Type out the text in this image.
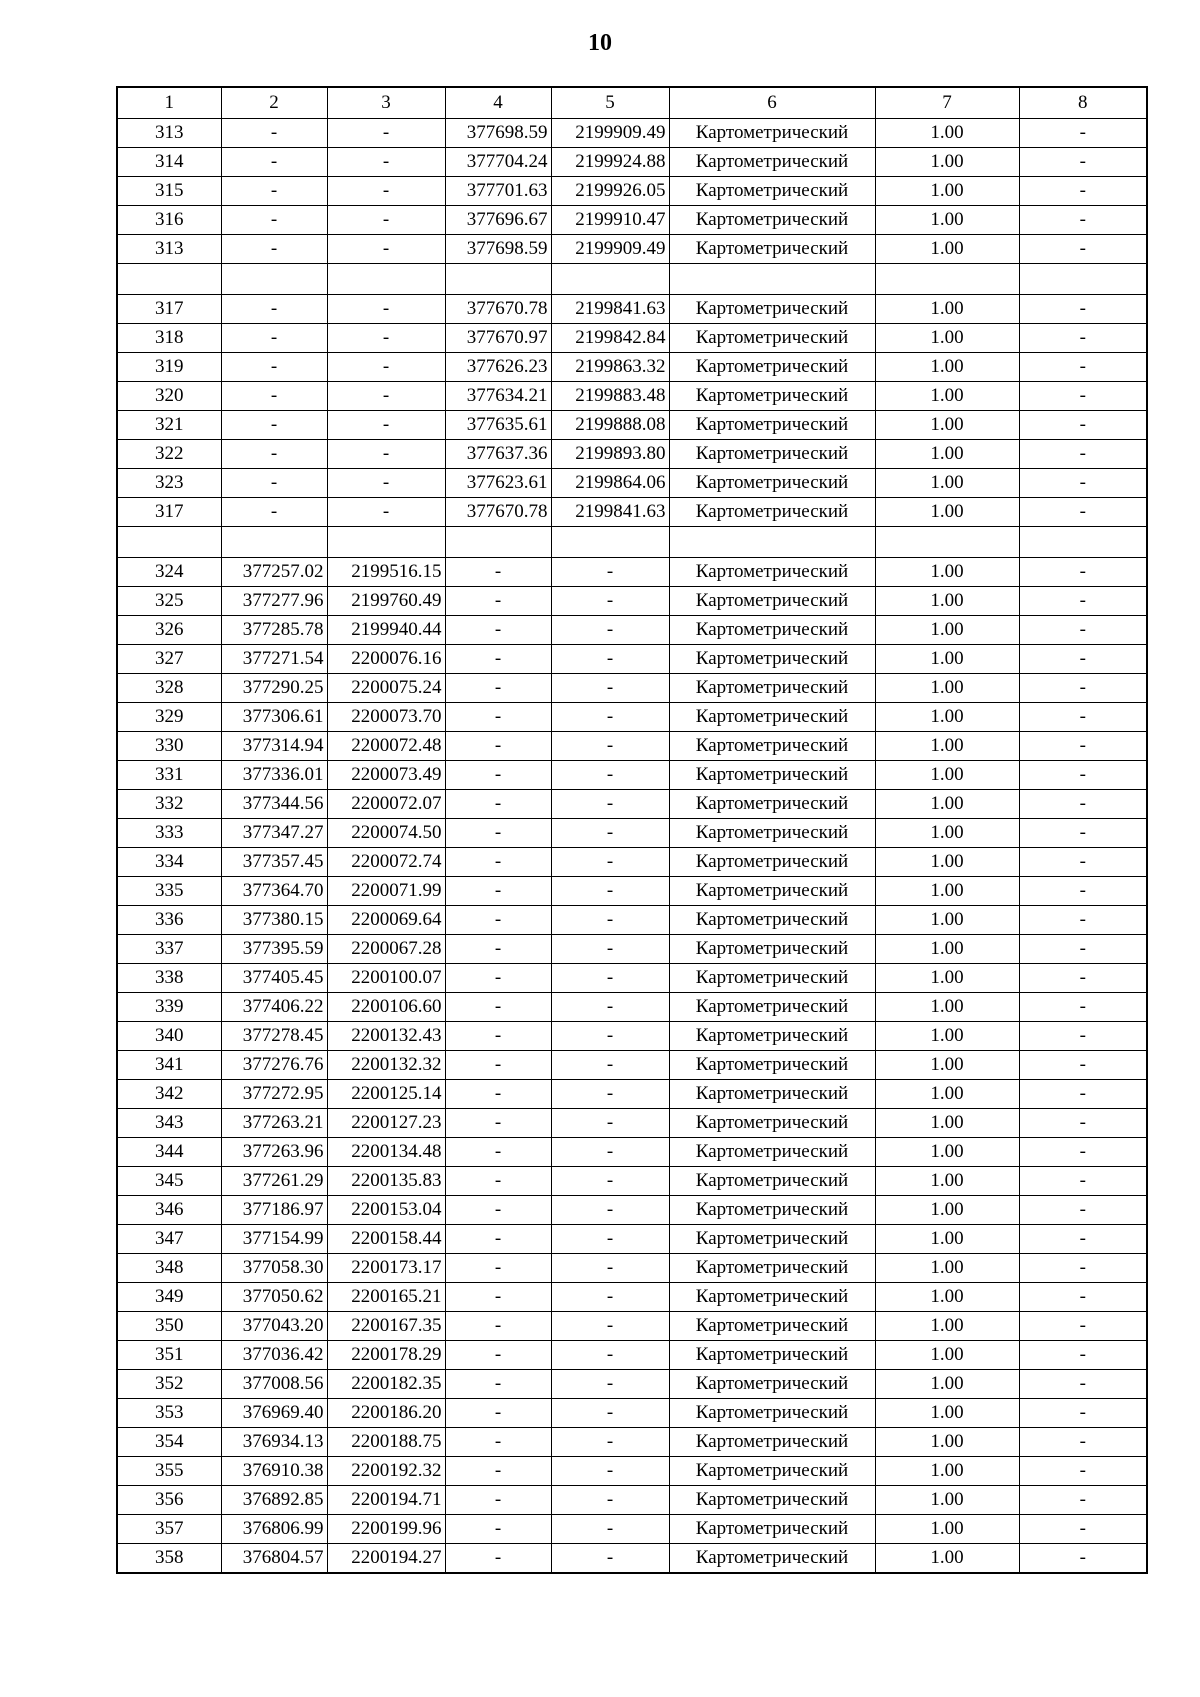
10
1	2	3	4	5	6	7	8
313	-	-	377698.59	2199909.49	Картометрический	1.00	-
314	-	-	377704.24	2199924.88	Картометрический	1.00	-
315	-	-	377701.63	2199926.05	Картометрический	1.00	-
316	-	-	377696.67	2199910.47	Картометрический	1.00	-
313	-	-	377698.59	2199909.49	Картометрический	1.00	-

317	-	-	377670.78	2199841.63	Картометрический	1.00	-
318	-	-	377670.97	2199842.84	Картометрический	1.00	-
319	-	-	377626.23	2199863.32	Картометрический	1.00	-
320	-	-	377634.21	2199883.48	Картометрический	1.00	-
321	-	-	377635.61	2199888.08	Картометрический	1.00	-
322	-	-	377637.36	2199893.80	Картометрический	1.00	-
323	-	-	377623.61	2199864.06	Картометрический	1.00	-
317	-	-	377670.78	2199841.63	Картометрический	1.00	-

324	377257.02	2199516.15	-	-	Картометрический	1.00	-
325	377277.96	2199760.49	-	-	Картометрический	1.00	-
326	377285.78	2199940.44	-	-	Картометрический	1.00	-
327	377271.54	2200076.16	-	-	Картометрический	1.00	-
328	377290.25	2200075.24	-	-	Картометрический	1.00	-
329	377306.61	2200073.70	-	-	Картометрический	1.00	-
330	377314.94	2200072.48	-	-	Картометрический	1.00	-
331	377336.01	2200073.49	-	-	Картометрический	1.00	-
332	377344.56	2200072.07	-	-	Картометрический	1.00	-
333	377347.27	2200074.50	-	-	Картометрический	1.00	-
334	377357.45	2200072.74	-	-	Картометрический	1.00	-
335	377364.70	2200071.99	-	-	Картометрический	1.00	-
336	377380.15	2200069.64	-	-	Картометрический	1.00	-
337	377395.59	2200067.28	-	-	Картометрический	1.00	-
338	377405.45	2200100.07	-	-	Картометрический	1.00	-
339	377406.22	2200106.60	-	-	Картометрический	1.00	-
340	377278.45	2200132.43	-	-	Картометрический	1.00	-
341	377276.76	2200132.32	-	-	Картометрический	1.00	-
342	377272.95	2200125.14	-	-	Картометрический	1.00	-
343	377263.21	2200127.23	-	-	Картометрический	1.00	-
344	377263.96	2200134.48	-	-	Картометрический	1.00	-
345	377261.29	2200135.83	-	-	Картометрический	1.00	-
346	377186.97	2200153.04	-	-	Картометрический	1.00	-
347	377154.99	2200158.44	-	-	Картометрический	1.00	-
348	377058.30	2200173.17	-	-	Картометрический	1.00	-
349	377050.62	2200165.21	-	-	Картометрический	1.00	-
350	377043.20	2200167.35	-	-	Картометрический	1.00	-
351	377036.42	2200178.29	-	-	Картометрический	1.00	-
352	377008.56	2200182.35	-	-	Картометрический	1.00	-
353	376969.40	2200186.20	-	-	Картометрический	1.00	-
354	376934.13	2200188.75	-	-	Картометрический	1.00	-
355	376910.38	2200192.32	-	-	Картометрический	1.00	-
356	376892.85	2200194.71	-	-	Картометрический	1.00	-
357	376806.99	2200199.96	-	-	Картометрический	1.00	-
358	376804.57	2200194.27	-	-	Картометрический	1.00	-
